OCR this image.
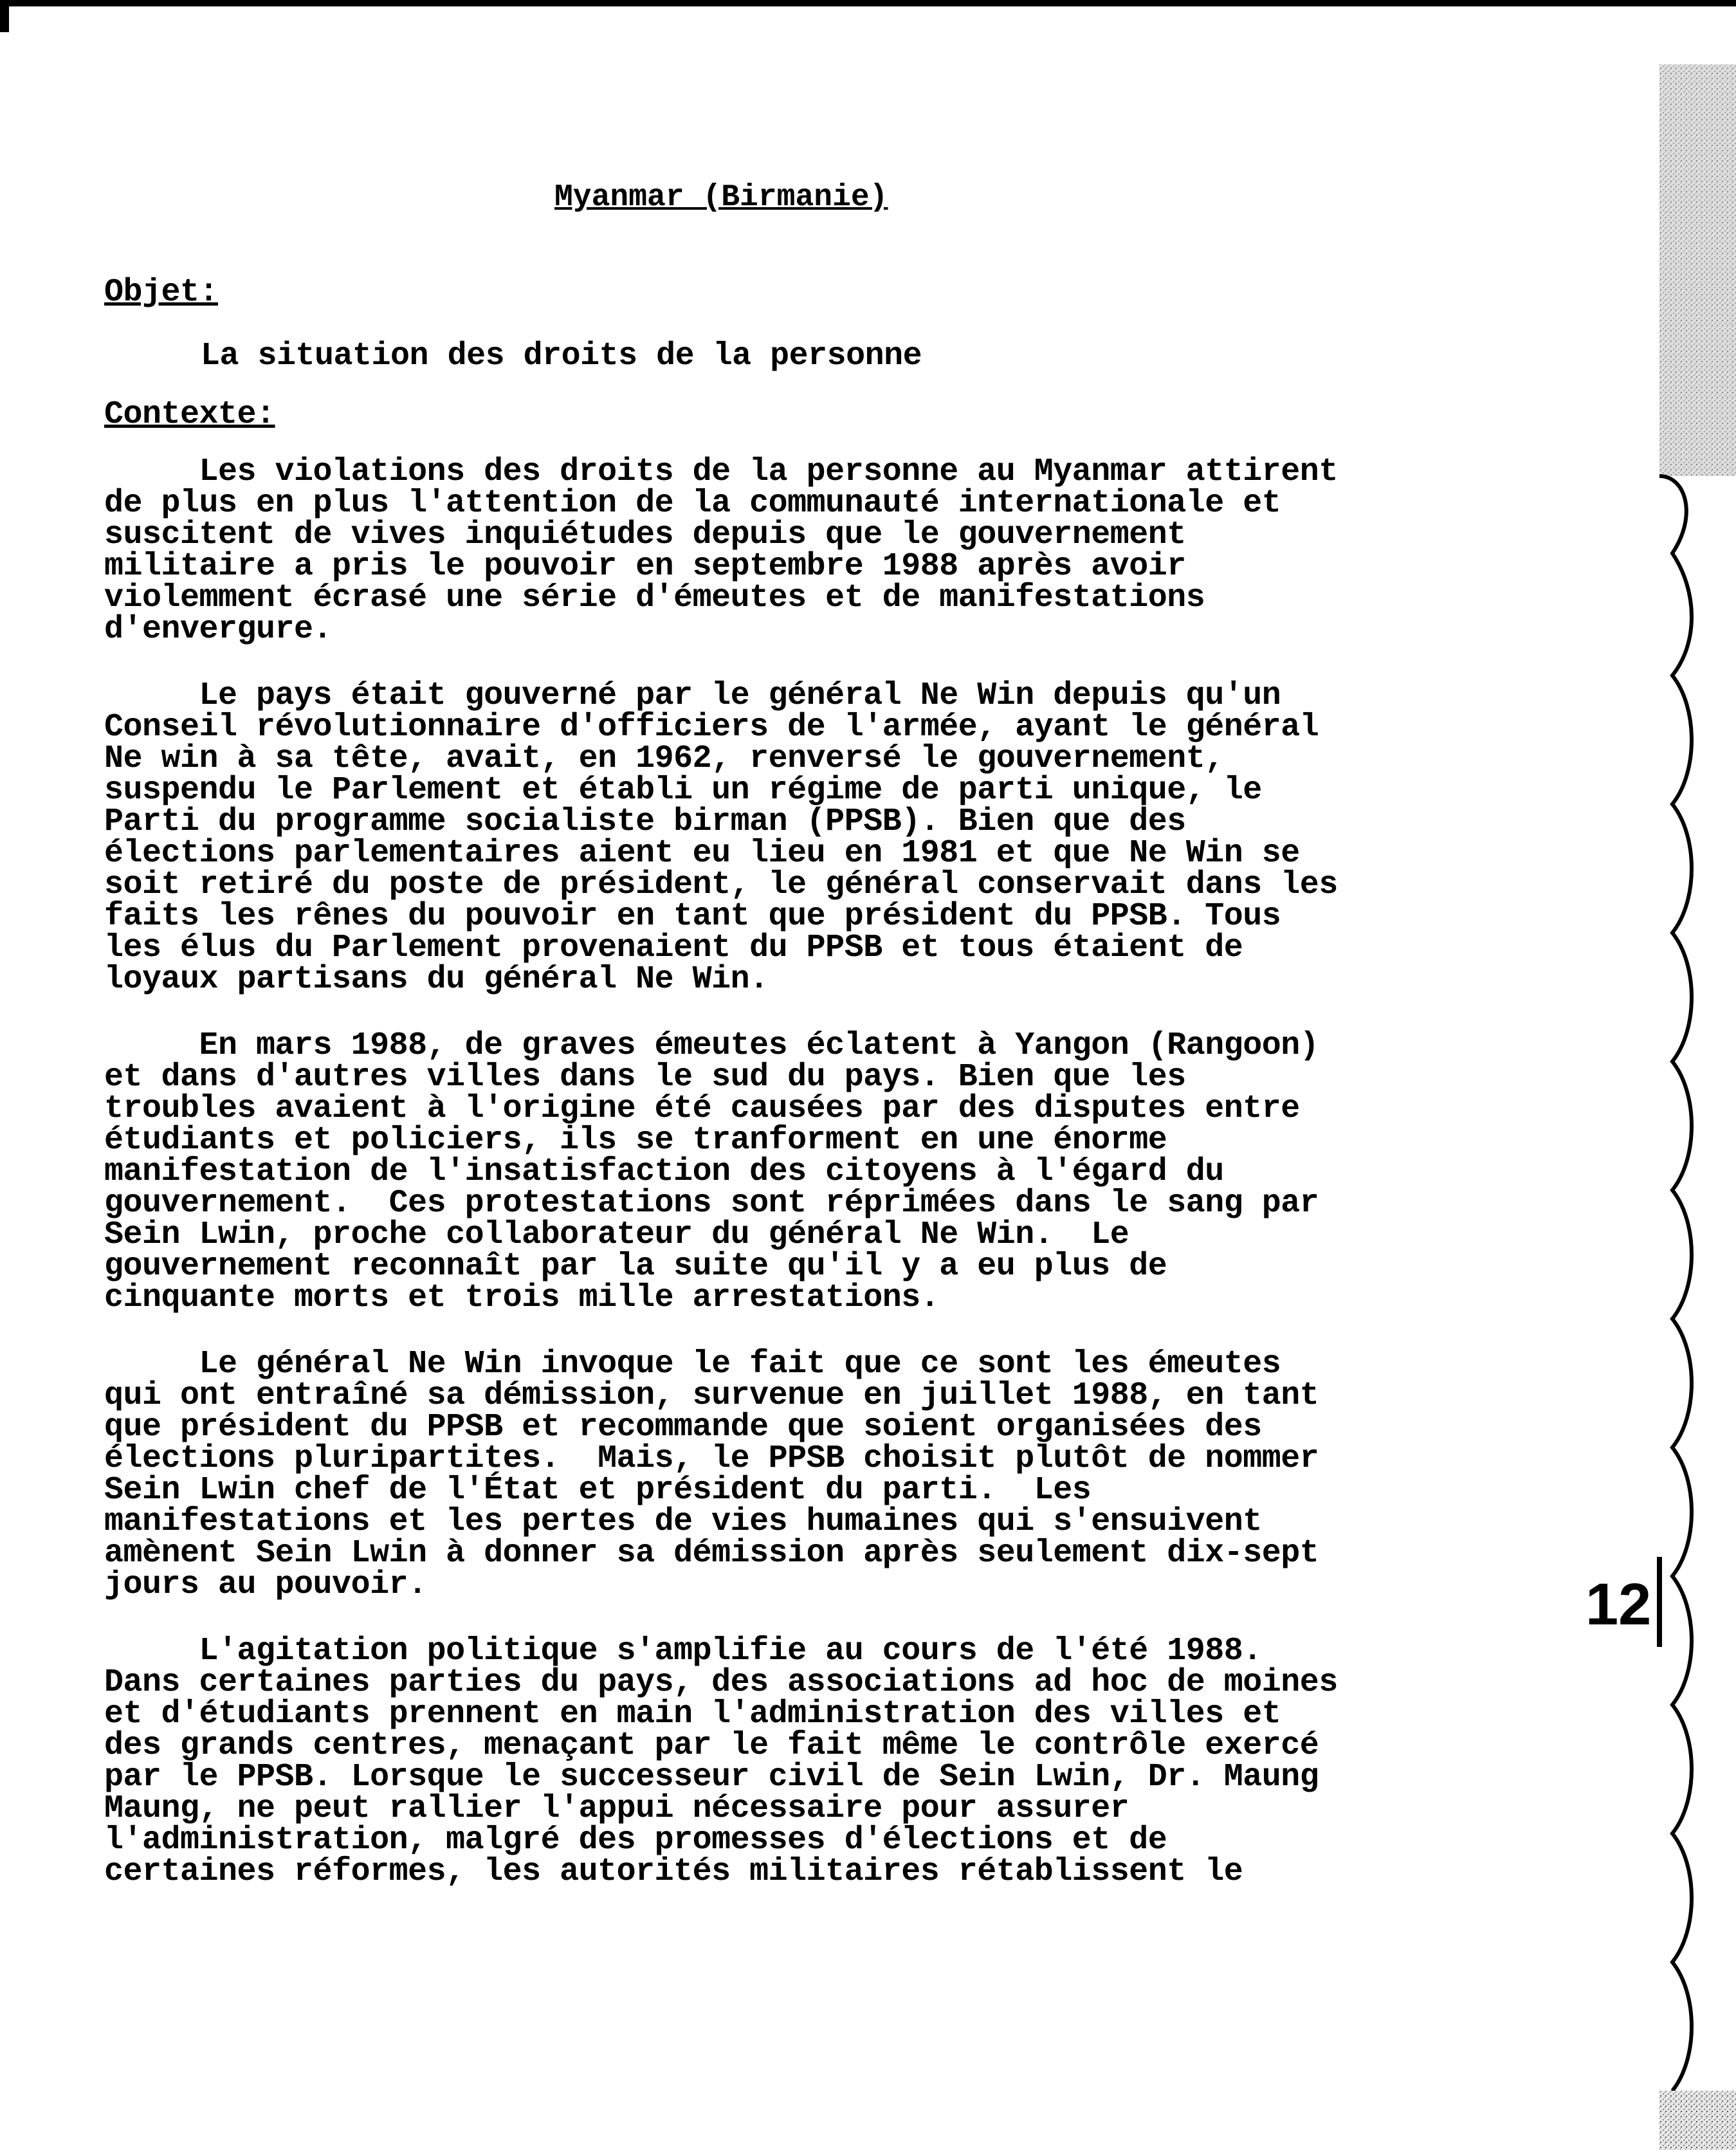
Myanmar (Birmanie)

Objet:

La situation des droits de la personne

Contexte:

Les violations des droits de la personne au Myanmar attirent
de plus en plus l'attention de la communauté internationale et
suscitent de vives inquiétudes depuis que le gouvernement
militaire a pris le pouvoir en septembre 1988 après avoir
violemment écrasé une série d'émeutes et de manifestations
d'envergure.
Le pays était gouverné par le général Ne Win depuis qu'un
Conseil révolutionnaire d'officiers de l'armée, ayant le général
Ne win à sa tête, avait, en 1962, renversé le gouvernement,
suspendu le Parlement et établi un régime de parti unique, le
Parti du programme socialiste birman (PPSB). Bien que des
élections parlementaires aient eu lieu en 1981 et que Ne Win se
soit retiré du poste de président, le général conservait dans les
faits les rênes du pouvoir en tant que président du PPSB. Tous
les élus du Parlement provenaient du PPSB et tous étaient de
loyaux partisans du général Ne Win.
En mars 1988, de graves émeutes éclatent à Yangon (Rangoon)
et dans d'autres villes dans le sud du pays. Bien que les
troubles avaient à l'origine été causées par des disputes entre
étudiants et policiers, ils se tranforment en une énorme
manifestation de l'insatisfaction des citoyens à l'égard du
gouvernement.  Ces protestations sont réprimées dans le sang par
Sein Lwin, proche collaborateur du général Ne Win.  Le
gouvernement reconnaît par la suite qu'il y a eu plus de
cinquante morts et trois mille arrestations.
Le général Ne Win invoque le fait que ce sont les émeutes
qui ont entraîné sa démission, survenue en juillet 1988, en tant
que président du PPSB et recommande que soient organisées des
élections pluripartites.  Mais, le PPSB choisit plutôt de nommer
Sein Lwin chef de l'État et président du parti.  Les
manifestations et les pertes de vies humaines qui s'ensuivent
amènent Sein Lwin à donner sa démission après seulement dix-sept
jours au pouvoir.
L'agitation politique s'amplifie au cours de l'été 1988.
Dans certaines parties du pays, des associations ad hoc de moines
et d'étudiants prennent en main l'administration des villes et
des grands centres, menaçant par le fait même le contrôle exercé
par le PPSB. Lorsque le successeur civil de Sein Lwin, Dr. Maung
Maung, ne peut rallier l'appui nécessaire pour assurer
l'administration, malgré des promesses d'élections et de
certaines réformes, les autorités militaires rétablissent le
12
